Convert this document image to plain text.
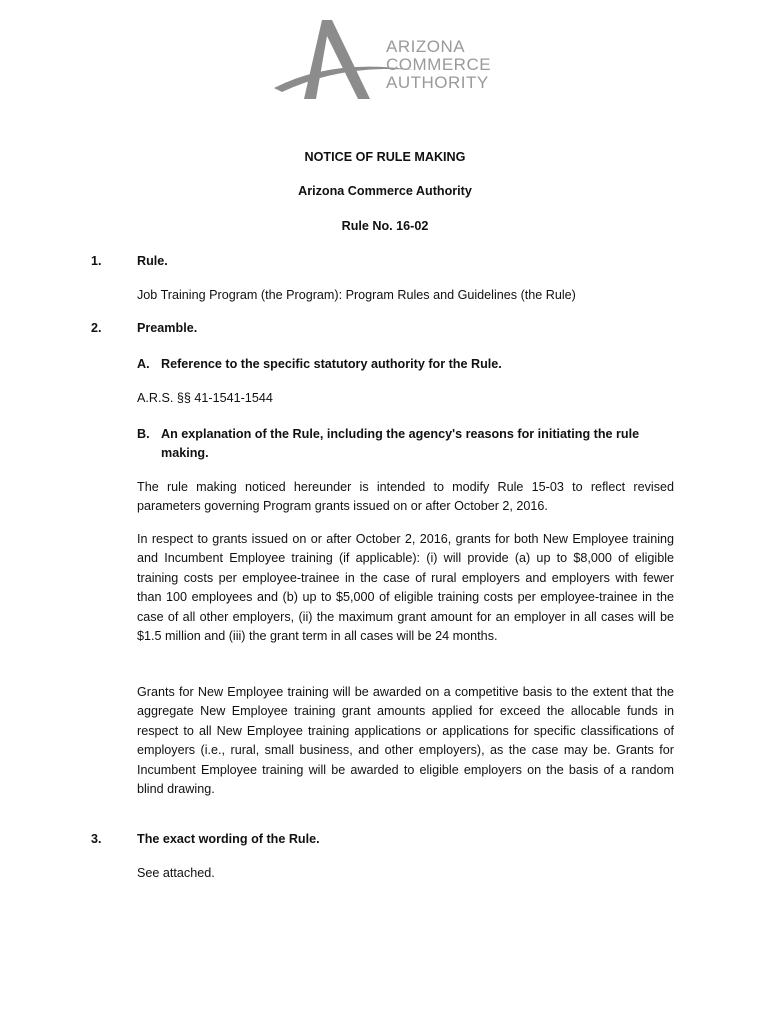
ARIZONA
COMMERCE
AUTHORITY
NOTICE OF RULE MAKING
Arizona Commerce Authority
Rule No. 16-02
1.	Rule.
Job Training Program (the Program): Program Rules and Guidelines (the Rule)
2.	Preamble.
A. Reference to the specific statutory authority for the Rule.
A.R.S. §§ 41-1541-1544
B. An explanation of the Rule, including the agency's reasons for initiating the rule
making.
The rule making noticed hereunder is intended to modify Rule 15-03 to reflect revised parameters governing Program grants issued on or after October 2, 2016.
In respect to grants issued on or after October 2, 2016, grants for both New Employee training and Incumbent Employee training (if applicable): (i) will provide (a) up to $8,000 of eligible training costs per employee-trainee in the case of rural employers and employers with fewer than 100 employees and (b) up to $5,000 of eligible training costs per employee-trainee in the case of all other employers, (ii) the maximum grant amount for an employer in all cases will be $1.5 million and (iii) the grant term in all cases will be 24 months.
Grants for New Employee training will be awarded on a competitive basis to the extent that the aggregate New Employee training grant amounts applied for exceed the allocable funds in respect to all New Employee training applications or applications for specific classifications of employers (i.e., rural, small business, and other employers), as the case may be. Grants for Incumbent Employee training will be awarded to eligible employers on the basis of a random blind drawing.
3.	The exact wording of the Rule.
See attached.
